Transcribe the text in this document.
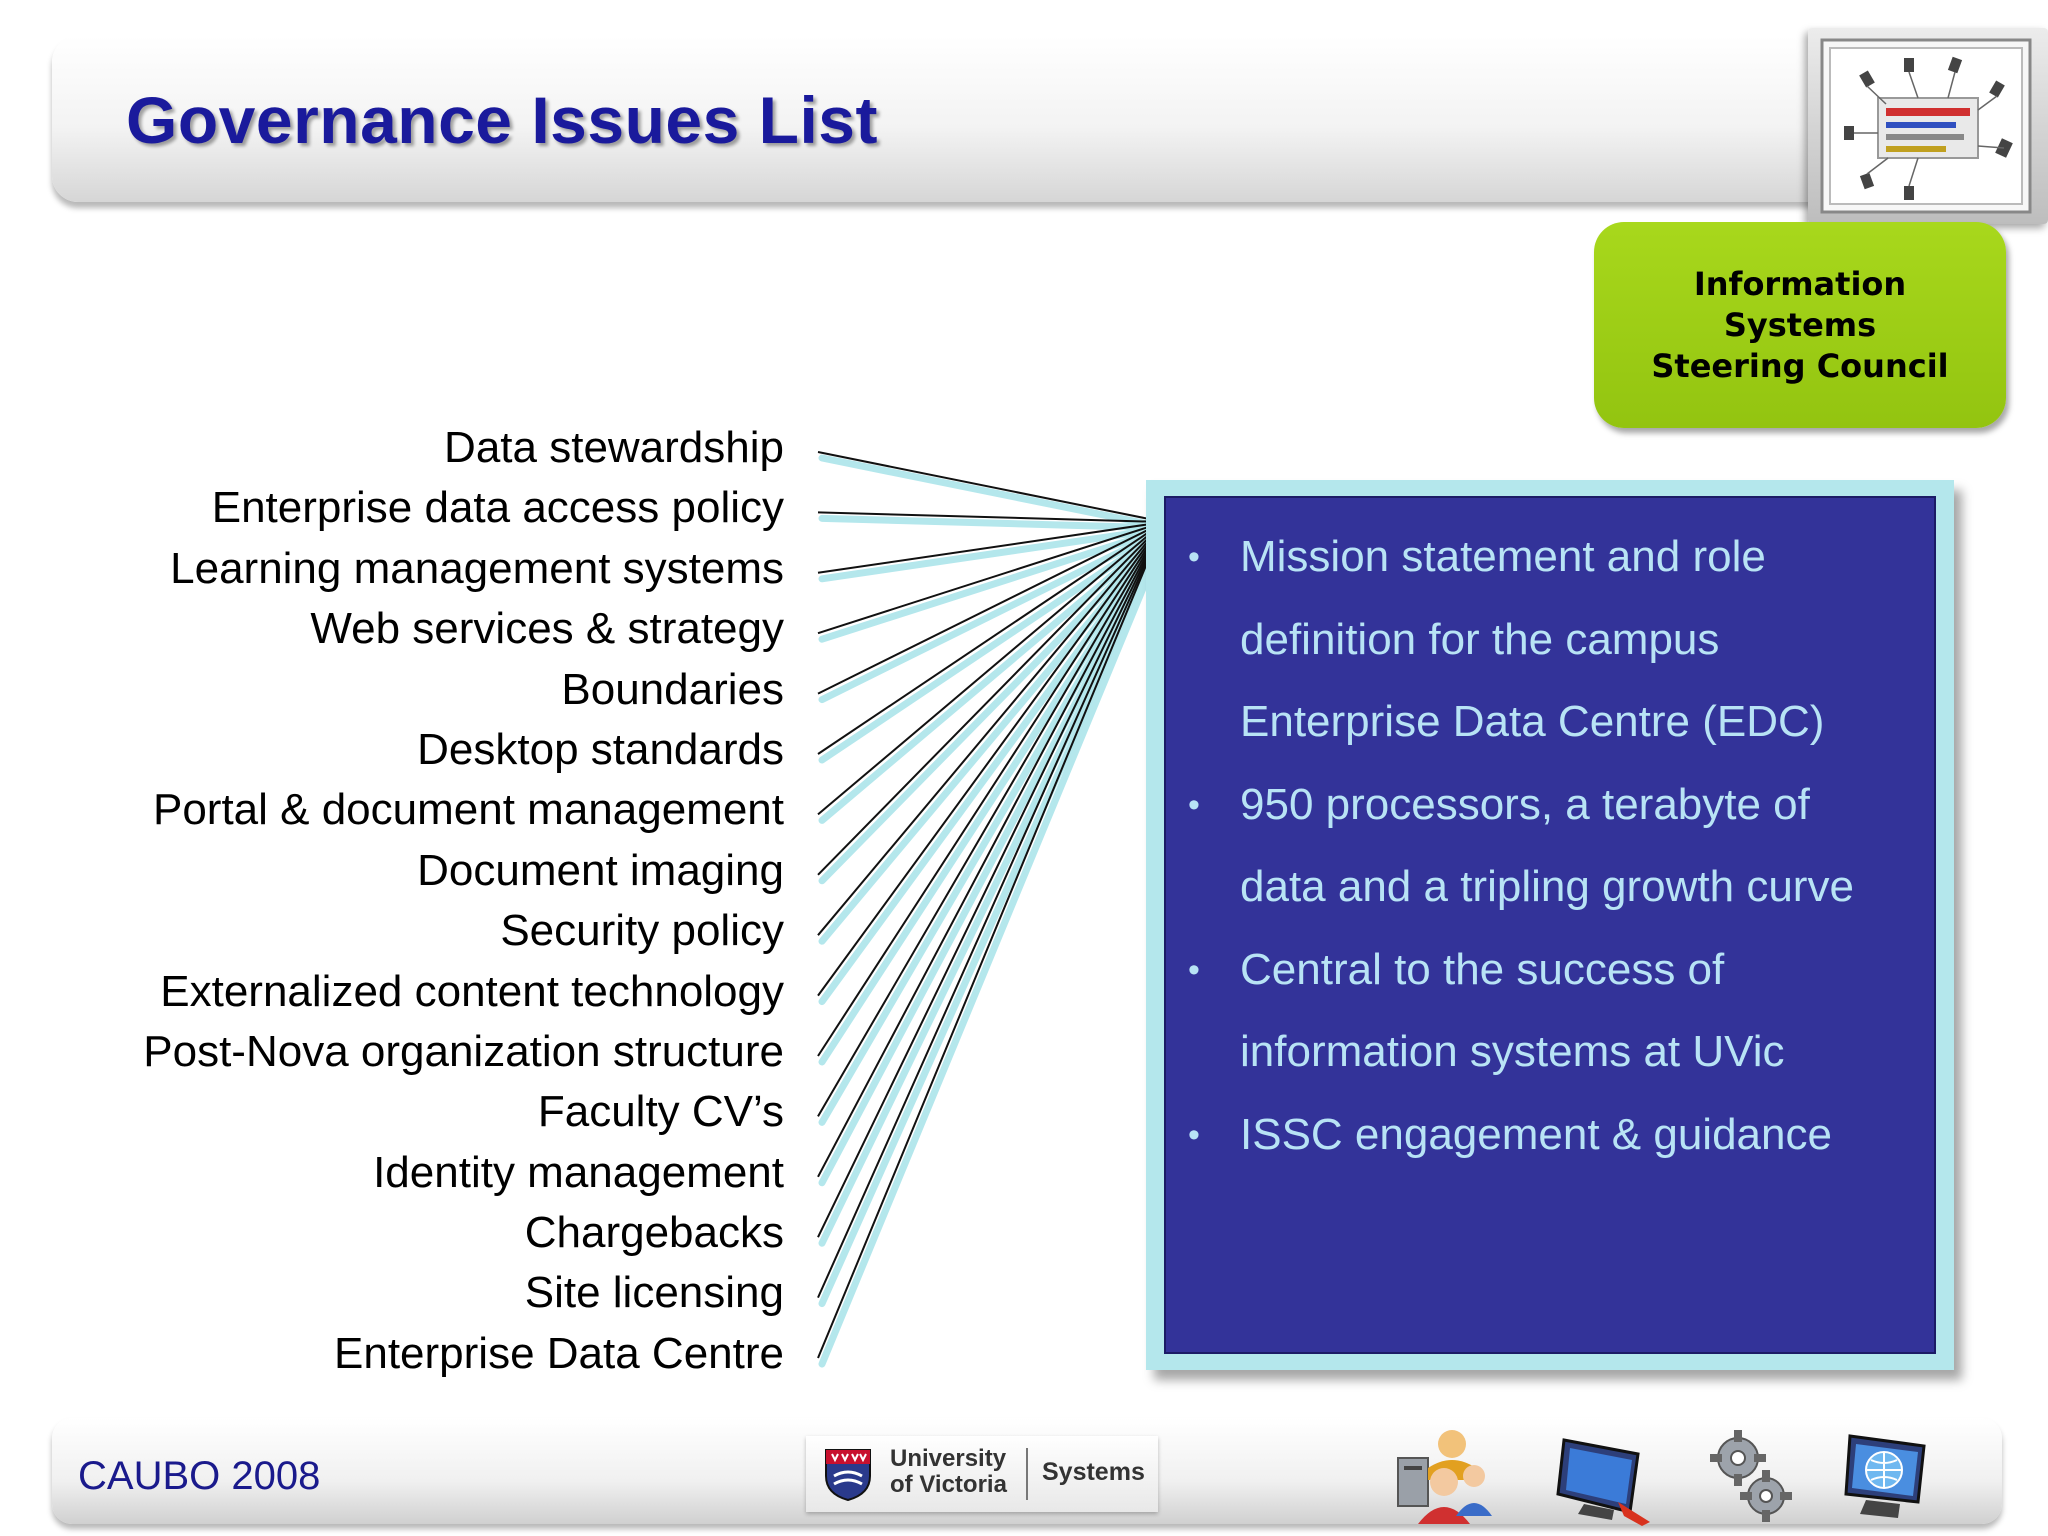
Governance Issues List
Information
Systems
Steering Council
Data stewardship
Enterprise data access policy
Learning management systems
Web services & strategy
Boundaries
Desktop standards
Portal & document management
Document imaging
Security policy
Externalized content technology
Post-Nova organization structure
Faculty CV’s
Identity management
Chargebacks
Site licensing
Enterprise Data Centre
• Mission statement and role definition for the campus Enterprise Data Centre (EDC)
• 950 processors, a terabyte of data and a tripling growth curve
• Central to the success of information systems at UVic
• ISSC engagement & guidance
CAUBO 2008	University
of Victoria Systems
